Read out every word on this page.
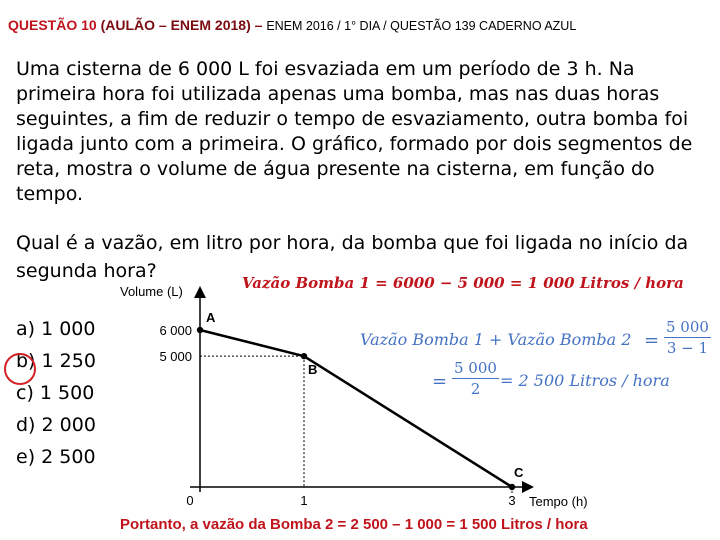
QUESTÃO 10 (AULÃO – ENEM 2018) – ENEM 2016 / 1° DIA / QUESTÃO 139 CADERNO AZUL
Uma cisterna de 6 000 L foi esvaziada em um período de 3 h. Na primeira hora foi utilizada apenas uma bomba, mas nas duas horas seguintes, a fim de reduzir o tempo de esvaziamento, outra bomba foi ligada junto com a primeira. O gráfico, formado por dois segmentos de reta, mostra o volume de água presente na cisterna, em função do tempo.
Qual é a vazão, em litro por hora, da bomba que foi ligada no início da segunda hora?
a) 1 000
b) 1 250
c) 1 500
d) 2 000
e) 2 500
Vazão Bomba 1 = 6000 − 5 000 = 1 000 Litros / hora
A
B
C
6 000
5 000
0	1	3
Volume (L)
Tempo (h)
Vazão Bomba 1 + Vazão Bomba $2 = \frac{5 000}{3 - 1}$
= $\frac{5 000}{2} = 2$ 500 Litros / hora
Portanto, a vazão da Bomba 2 = 2 500 – 1 000 = 1 500 Litros / hora
